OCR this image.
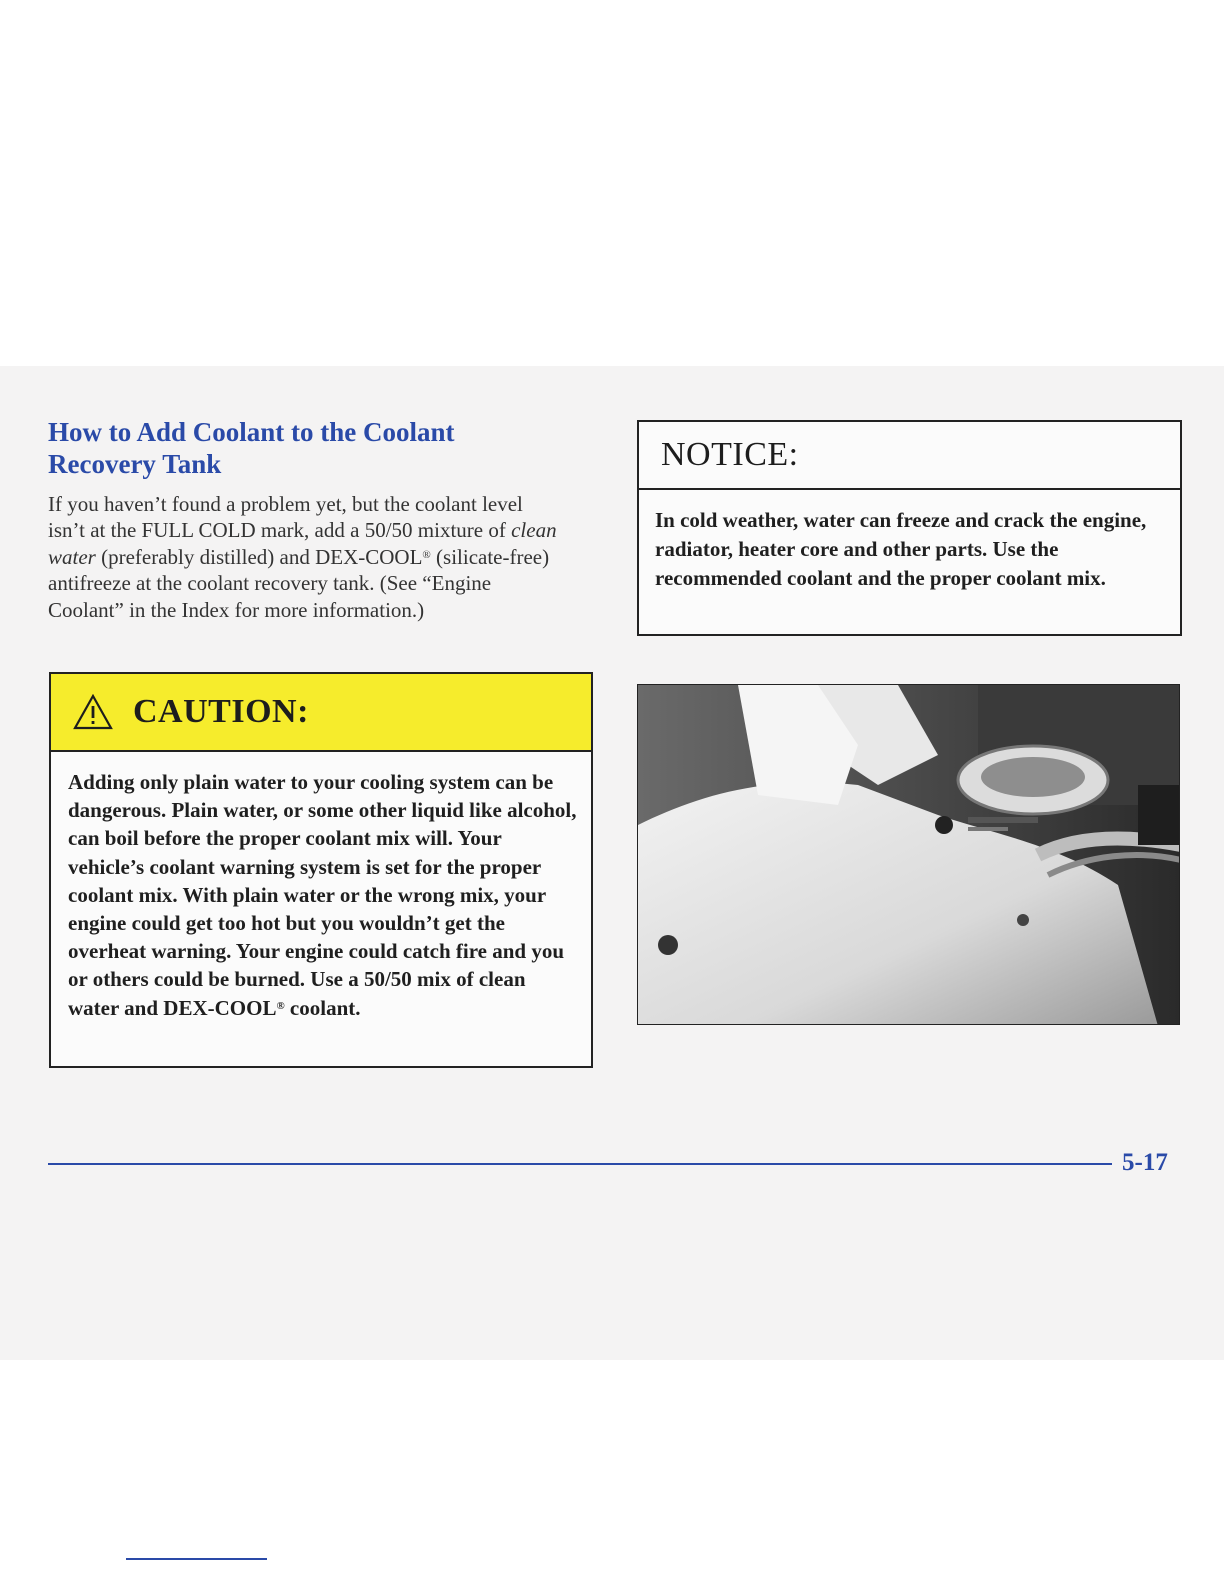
How to Add Coolant to the Coolant Recovery Tank

If you haven’t found a problem yet, but the coolant level isn’t at the FULL COLD mark, add a 50/50 mixture of clean water (preferably distilled) and DEX-COOL® (silicate-free) antifreeze at the coolant recovery tank. (See “Engine Coolant” in the Index for more information.)

CAUTION:

Adding only plain water to your cooling system can be dangerous. Plain water, or some other liquid like alcohol, can boil before the proper coolant mix will. Your vehicle’s coolant warning system is set for the proper coolant mix. With plain water or the wrong mix, your engine could get too hot but you wouldn’t get the overheat warning. Your engine could catch fire and you or others could be burned. Use a 50/50 mix of clean water and DEX-COOL® coolant.

NOTICE:

In cold weather, water can freeze and crack the engine, radiator, heater core and other parts. Use the recommended coolant and the proper coolant mix.

5-17
